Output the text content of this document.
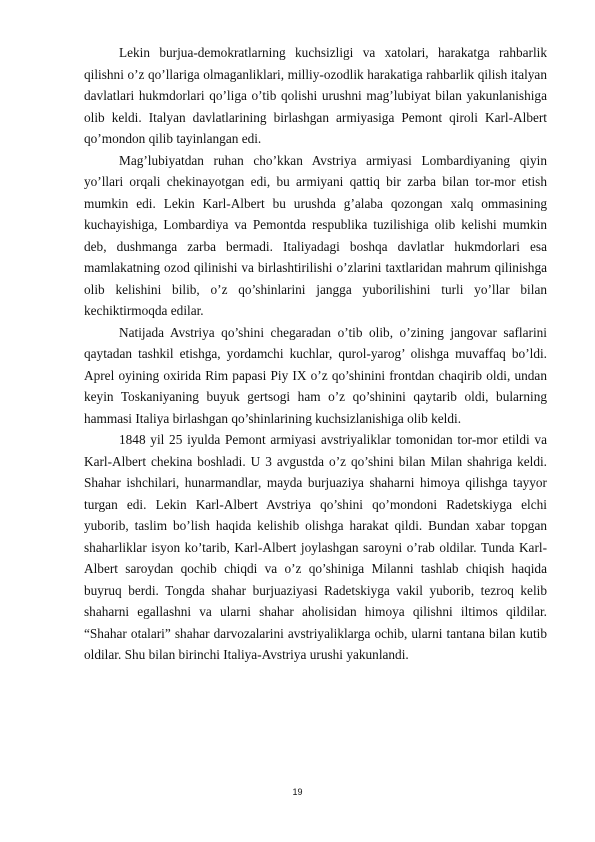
Lekin burjua-demokratlarning kuchsizligi va xatolari, harakatga rahbarlik qilishni o’z qo’llariga olmaganliklari, milliy-ozodlik harakatiga rahbarlik qilish italyan davlatlari hukmdorlari qo’liga o’tib qolishi urushni mag’lubiyat bilan yakunlanishiga olib keldi. Italyan davlatlarining birlashgan armiyasiga Pemont qiroli Karl-Albert qo’mondon qilib tayinlangan edi.

Mag’lubiyatdan ruhan cho’kkan Avstriya armiyasi Lombardiyaning qiyin yo’llari orqali chekinayotgan edi, bu armiyani qattiq bir zarba bilan tor-mor etish mumkin edi. Lekin Karl-Albert bu urushda g’alaba qozongan xalq ommasining kuchayishiga, Lombardiya va Pemontda respublika tuzilishiga olib kelishi mumkin deb, dushmanga zarba bermadi. Italiyadagi boshqa davlatlar hukmdorlari esa mamlakatning ozod qilinishi va birlashtirilishi o’zlarini taxtlaridan mahrum qilinishga olib kelishini bilib, o’z qo’shinlarini jangga yuborilishini turli yo’llar bilan kechiktirmoqda edilar.

Natijada Avstriya qo’shini chegaradan o’tib olib, o’zining jangovar saflarini qaytadan tashkil etishga, yordamchi kuchlar, qurol-yarog’ olishga muvaffaq bo’ldi. Aprel oyining oxirida Rim papasi Piy IX o’z qo’shinini frontdan chaqirib oldi, undan keyin Toskaniyaning buyuk gertsogi ham o’z qo’shinini qaytarib oldi, bularning hammasi Italiya birlashgan qo’shinlarining kuchsizlanishiga olib keldi.

1848 yil 25 iyulda Pemont armiyasi avstriyaliklar tomonidan tor-mor etildi va Karl-Albert chekina boshladi. U 3 avgustda o’z qo’shini bilan Milan shahriga keldi. Shahar ishchilari, hunarmandlar, mayda burjuaziya shaharni himoya qilishga tayyor turgan edi. Lekin Karl-Albert Avstriya qo’shini qo’mondoni Radetskiyga elchi yuborib, taslim bo’lish haqida kelishib olishga harakat qildi. Bundan xabar topgan shaharliklar isyon ko’tarib, Karl-Albert joylashgan saroyni o’rab oldilar. Tunda Karl-Albert saroydan qochib chiqdi va o’z qo’shiniga Milanni tashlab chiqish haqida buyruq berdi. Tongda shahar burjuaziyasi Radetskiyga vakil yuborib, tezroq kelib shaharni egallashni va ularni shahar aholisidan himoya qilishni iltimos qildilar. “Shahar otalari” shahar darvozalarini avstriyaliklarga ochib, ularni tantana bilan kutib oldilar. Shu bilan birinchi Italiya-Avstriya urushi yakunlandi.

19
